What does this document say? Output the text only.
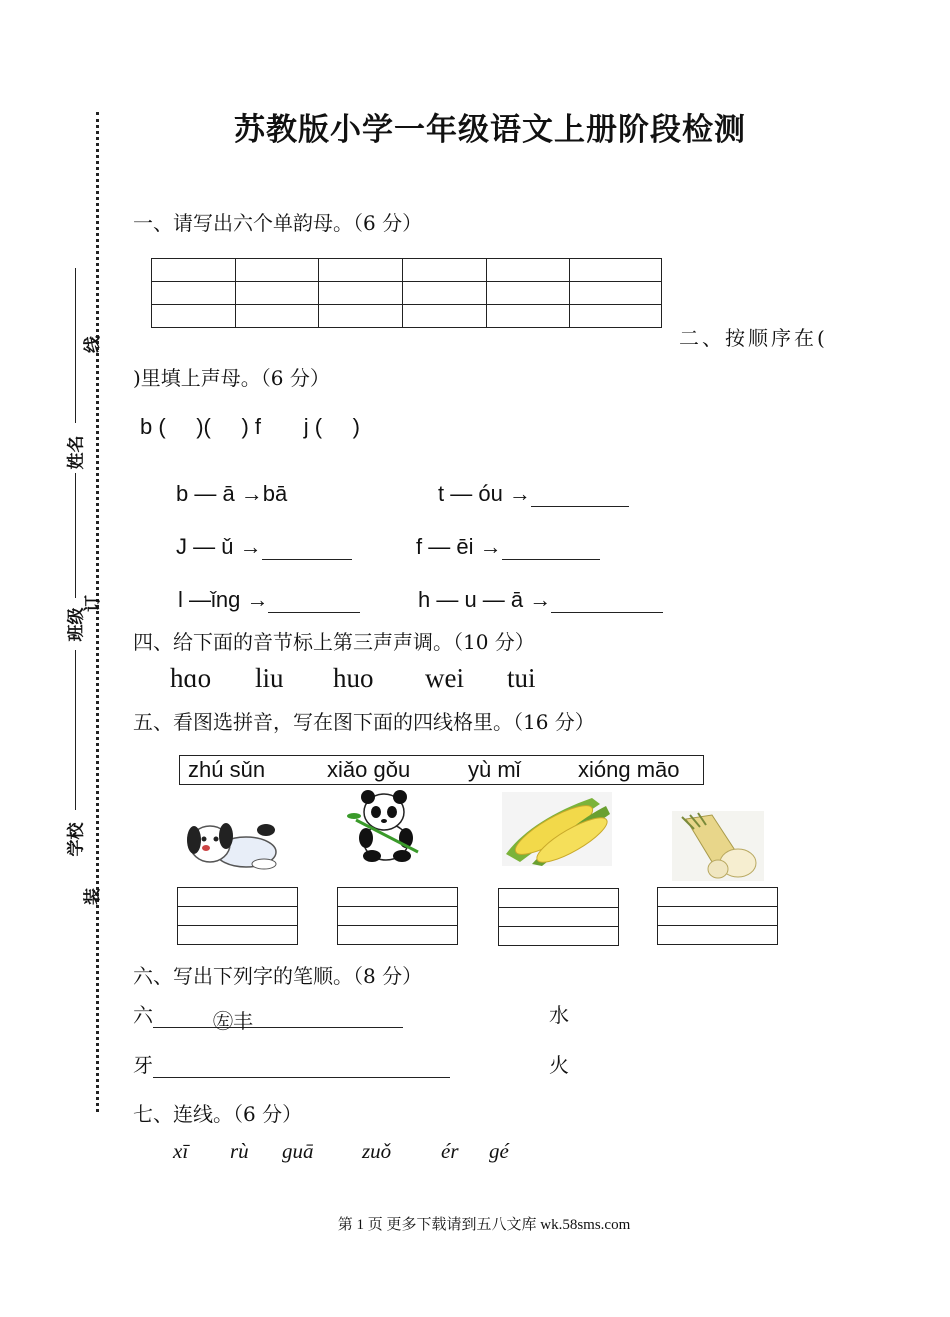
苏教版小学一年级语文上册阶段检测
线
订
装
姓名
班级
学校
一、请写出六个单韵母。（6 分）

二、按顺序在(
)里填上声母。（6 分）
b (     )(     ) f       j (     )
b — ā →bā	t — óu →
J — ǔ →	f — ēi →
l —ǐng →	h — u — ā →
四、给下面的音节标上第三声声调。（10 分）
hɑo liu huo wei tui
五、看图选拼音，写在图下面的四线格里。（16 分）
zhú sǔn	xiǎo gǒu	yù mǐ	xióng māo
六、写出下列字的笔顺。（8 分）
六	㊧丰	水
牙	火
七、连线。（6 分）
xī rù guā zuǒ ér gé
第 1 页 更多下载请到五八文库 wk.58sms.com
